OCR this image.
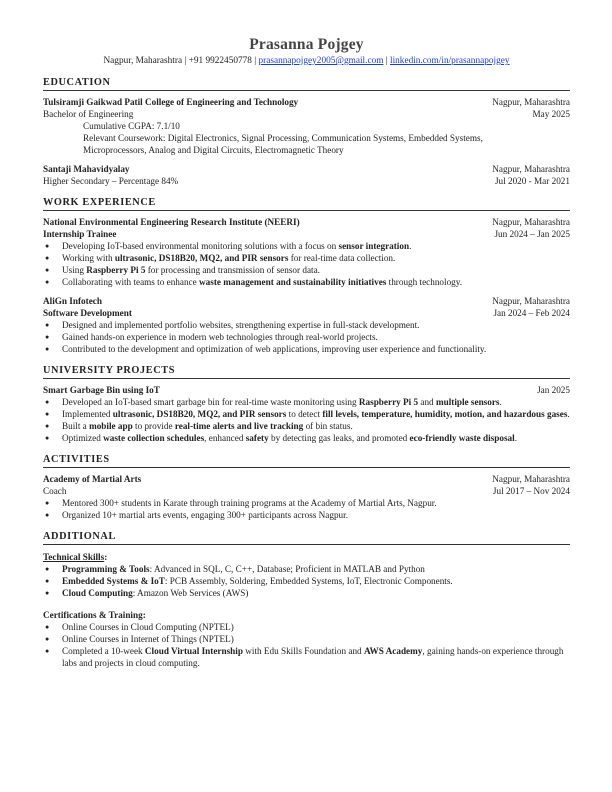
Prasanna Pojgey
Nagpur, Maharashtra | +91 9922450778 | prasannapojgey2005@gmail.com | linkedin.com/in/prasannapojgey
EDUCATION
Tulsiramji Gaikwad Patil College of Engineering and Technology	Nagpur, Maharashtra
Bachelor of Engineering	May 2025
Cumulative CGPA: 7.1/10
Relevant Coursework: Digital Electronics, Signal Processing, Communication Systems, Embedded Systems,
Microprocessors, Analog and Digital Circuits, Electromagnetic Theory
Santaji Mahavidyalay	Nagpur, Maharashtra
Higher Secondary – Percentage 84%	Jul 2020 - Mar 2021
WORK EXPERIENCE
National Environmental Engineering Research Institute (NEERI)	Nagpur, Maharashtra
Internship Trainee	Jun 2024 – Jan 2025
● Developing IoT-based environmental monitoring solutions with a focus on sensor integration.
● Working with ultrasonic, DS18B20, MQ2, and PIR sensors for real-time data collection.
● Using Raspberry Pi 5 for processing and transmission of sensor data.
● Collaborating with teams to enhance waste management and sustainability initiatives through technology.
AliGn Infotech	Nagpur, Maharashtra
Software Development	Jan 2024 – Feb 2024
● Designed and implemented portfolio websites, strengthening expertise in full-stack development.
● Gained hands-on experience in modern web technologies through real-world projects.
● Contributed to the development and optimization of web applications, improving user experience and functionality.
UNIVERSITY PROJECTS
Smart Garbage Bin using IoT	Jan 2025
● Developed an IoT-based smart garbage bin for real-time waste monitoring using Raspberry Pi 5 and multiple sensors.
● Implemented ultrasonic, DS18B20, MQ2, and PIR sensors to detect fill levels, temperature, humidity, motion, and hazardous gases.
● Built a mobile app to provide real-time alerts and live tracking of bin status.
● Optimized waste collection schedules, enhanced safety by detecting gas leaks, and promoted eco-friendly waste disposal.
ACTIVITIES
Academy of Martial Arts	Nagpur, Maharashtra
Coach	Jul 2017 – Nov 2024
● Mentored 300+ students in Karate through training programs at the Academy of Martial Arts, Nagpur.
● Organized 10+ martial arts events, engaging 300+ participants across Nagpur.
ADDITIONAL
Technical Skills:
● Programming & Tools: Advanced in SQL, C, C++, Database; Proficient in MATLAB and Python
● Embedded Systems & IoT: PCB Assembly, Soldering, Embedded Systems, IoT, Electronic Components.
● Cloud Computing: Amazon Web Services (AWS)
Certifications & Training:
● Online Courses in Cloud Computing (NPTEL)
● Online Courses in Internet of Things (NPTEL)
● Completed a 10-week Cloud Virtual Internship with Edu Skills Foundation and AWS Academy, gaining hands-on experience through labs and projects in cloud computing.
